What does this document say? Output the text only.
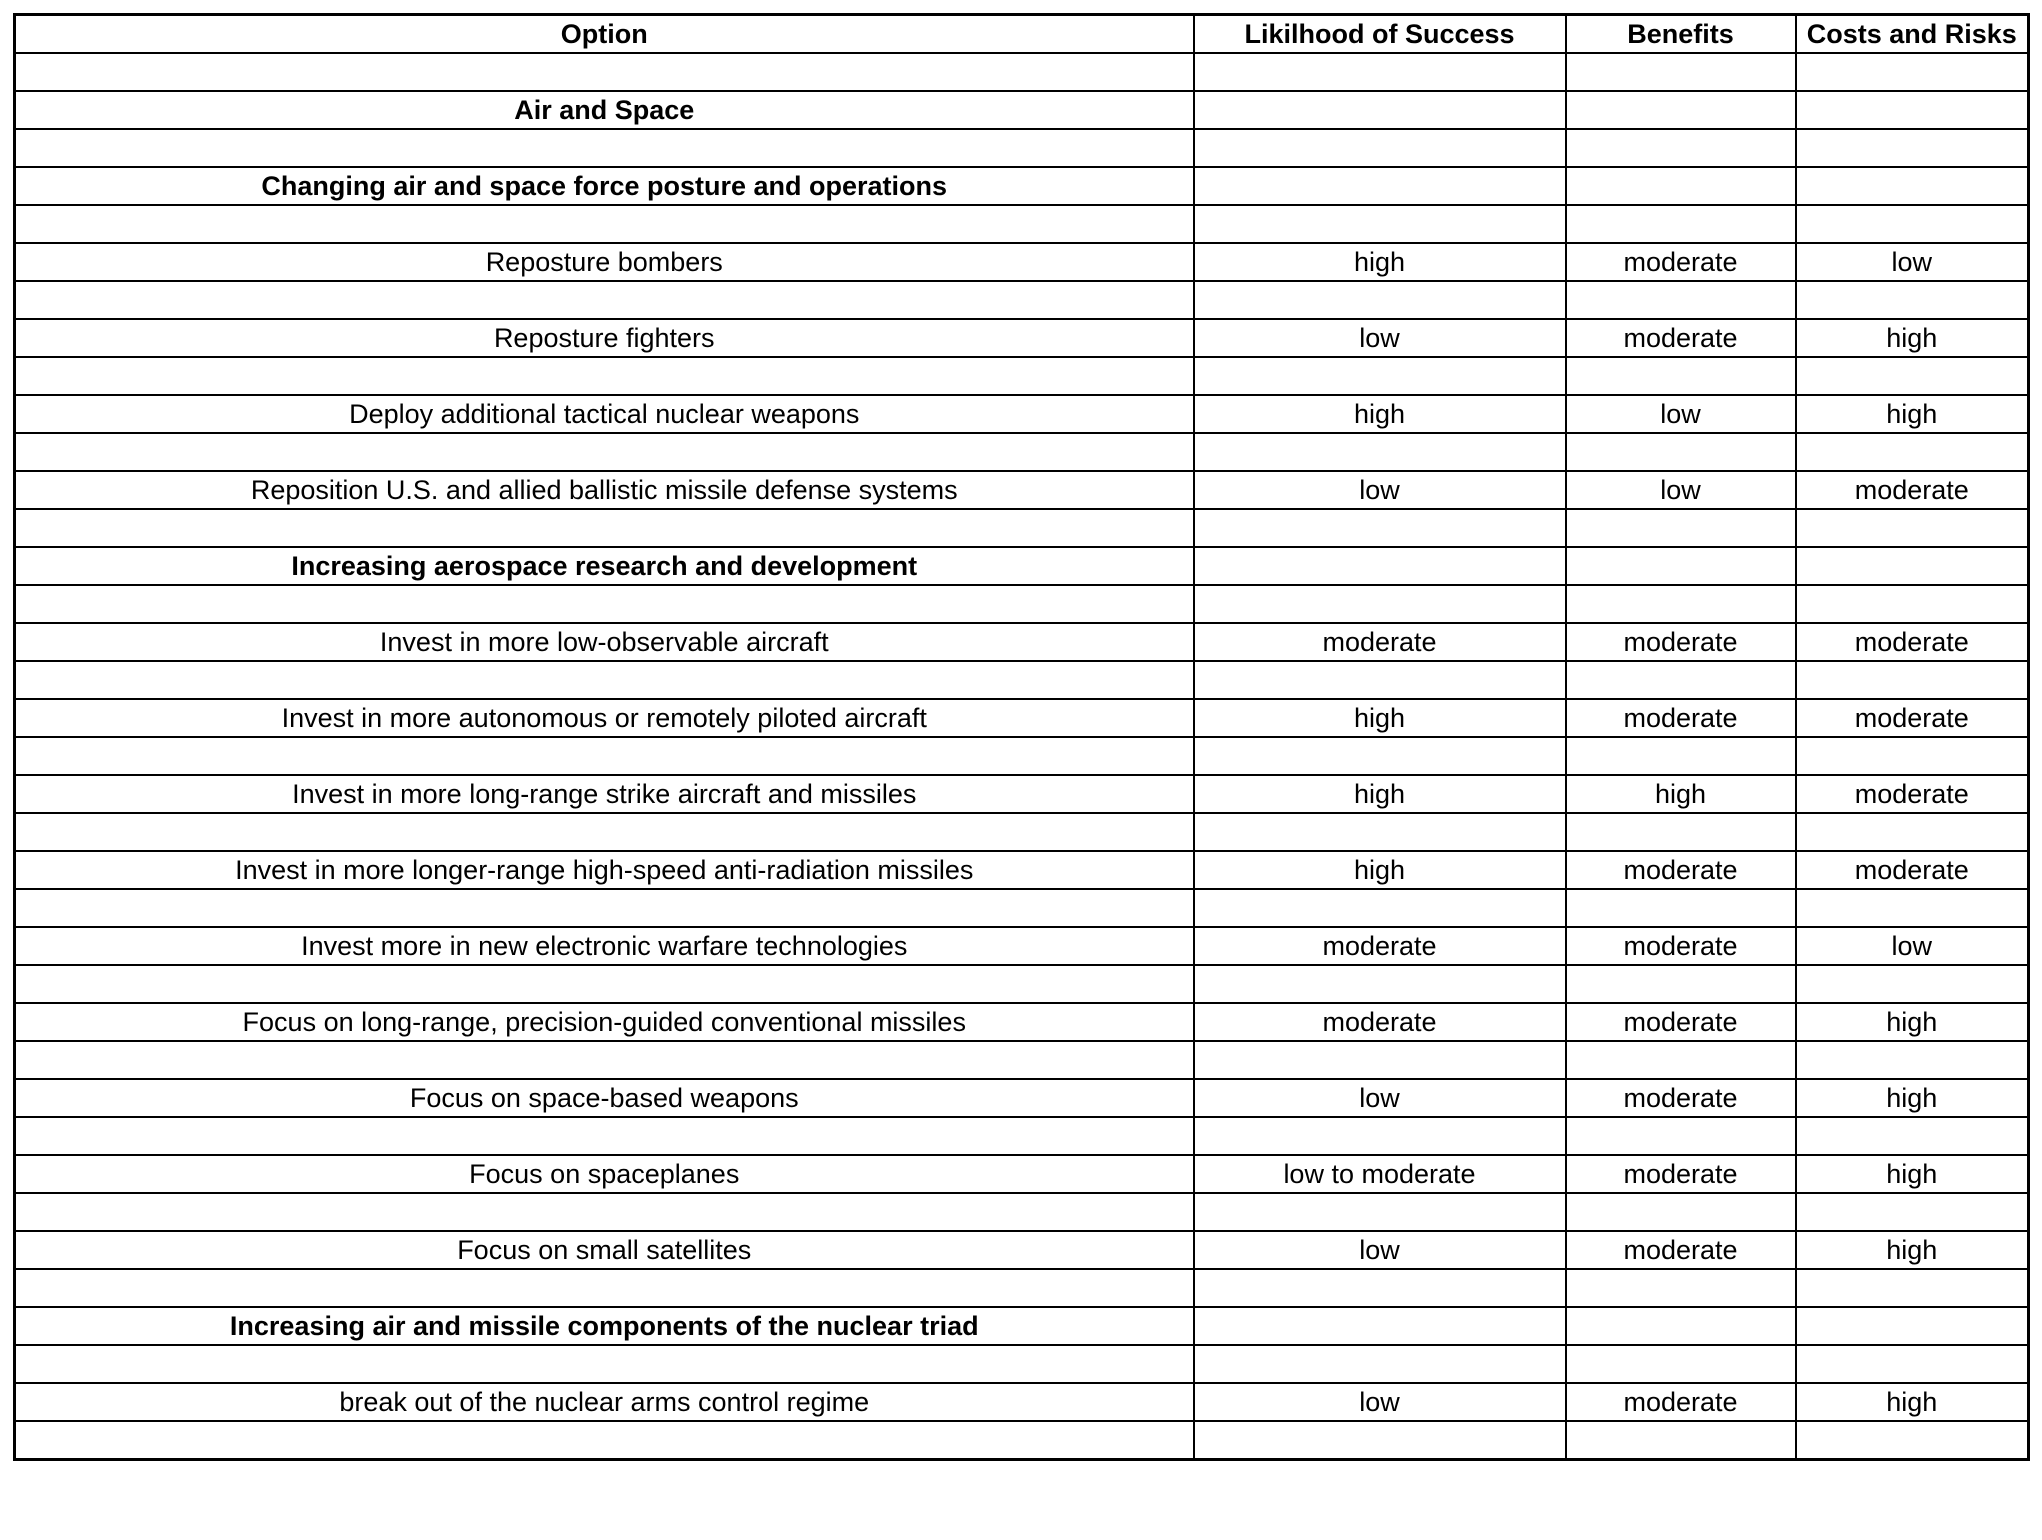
Option	Likilhood of Success	Benefits	Costs and Risks

Air and Space			

Changing air and space force posture and operations			

Reposture bombers	high	moderate	low

Reposture fighters	low	moderate	high

Deploy additional tactical nuclear weapons	high	low	high

Reposition U.S. and allied ballistic missile defense systems	low	low	moderate

Increasing aerospace research and development			

Invest in more low-observable aircraft	moderate	moderate	moderate

Invest in more autonomous or remotely piloted aircraft	high	moderate	moderate

Invest in more long-range strike aircraft and missiles	high	high	moderate

Invest in more longer-range high-speed anti-radiation missiles	high	moderate	moderate

Invest more in new electronic warfare technologies	moderate	moderate	low

Focus on long-range, precision-guided conventional missiles	moderate	moderate	high

Focus on space-based weapons	low	moderate	high

Focus on spaceplanes	low to moderate	moderate	high

Focus on small satellites	low	moderate	high

Increasing air and missile components of the nuclear triad			

break out of the nuclear arms control regime	low	moderate	high
